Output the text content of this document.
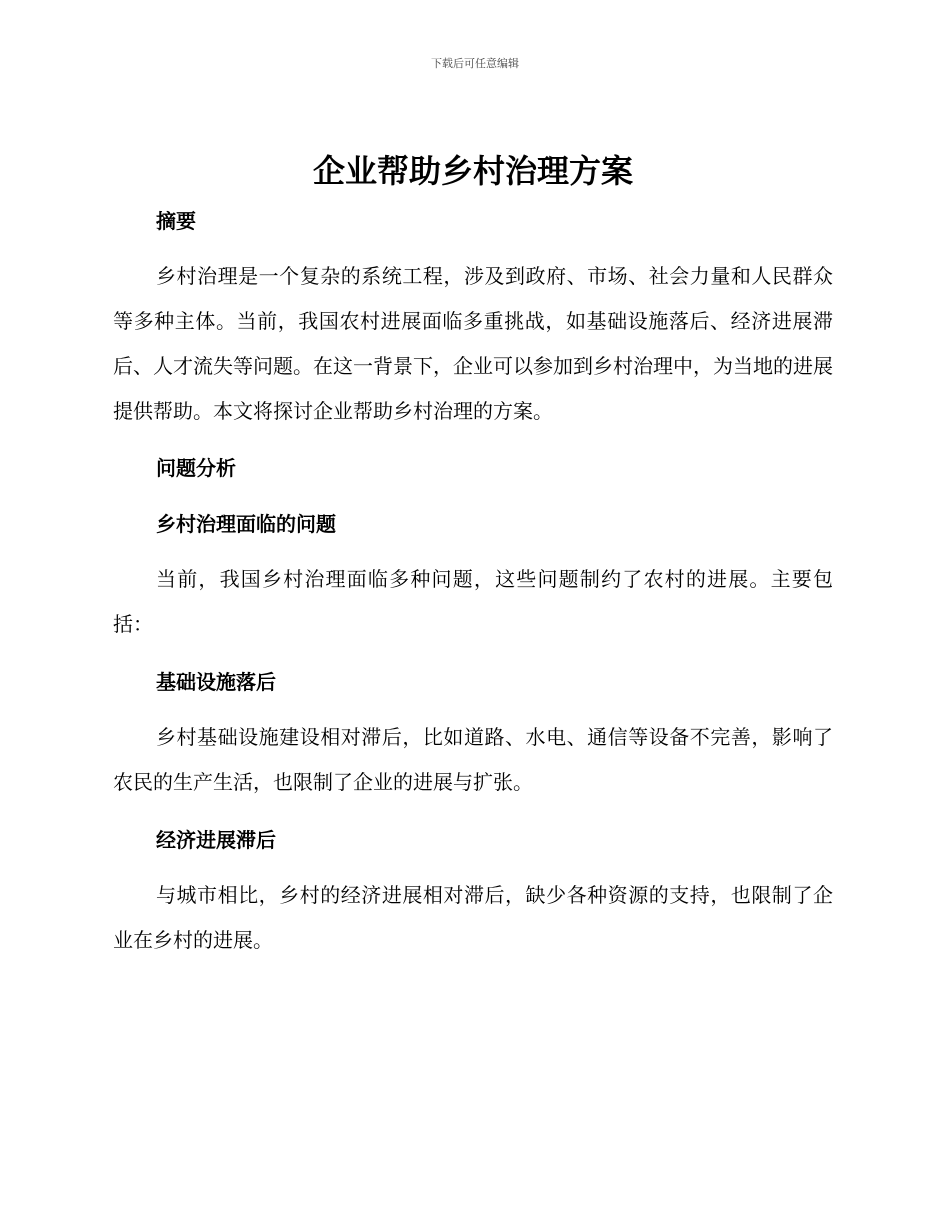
下载后可任意编辑
企业帮助乡村治理方案
摘要

乡村治理是一个复杂的系统工程，涉及到政府、市场、社会力量和人民群众等多种主体。当前，我国农村进展面临多重挑战，如基础设施落后、经济进展滞后、人才流失等问题。在这一背景下，企业可以参加到乡村治理中，为当地的进展提供帮助。本文将探讨企业帮助乡村治理的方案。

问题分析
乡村治理面临的问题

当前，我国乡村治理面临多种问题，这些问题制约了农村的进展。主要包括：

基础设施落后

乡村基础设施建设相对滞后，比如道路、水电、通信等设备不完善，影响了农民的生产生活，也限制了企业的进展与扩张。

经济进展滞后

与城市相比，乡村的经济进展相对滞后，缺少各种资源的支持，也限制了企业在乡村的进展。
